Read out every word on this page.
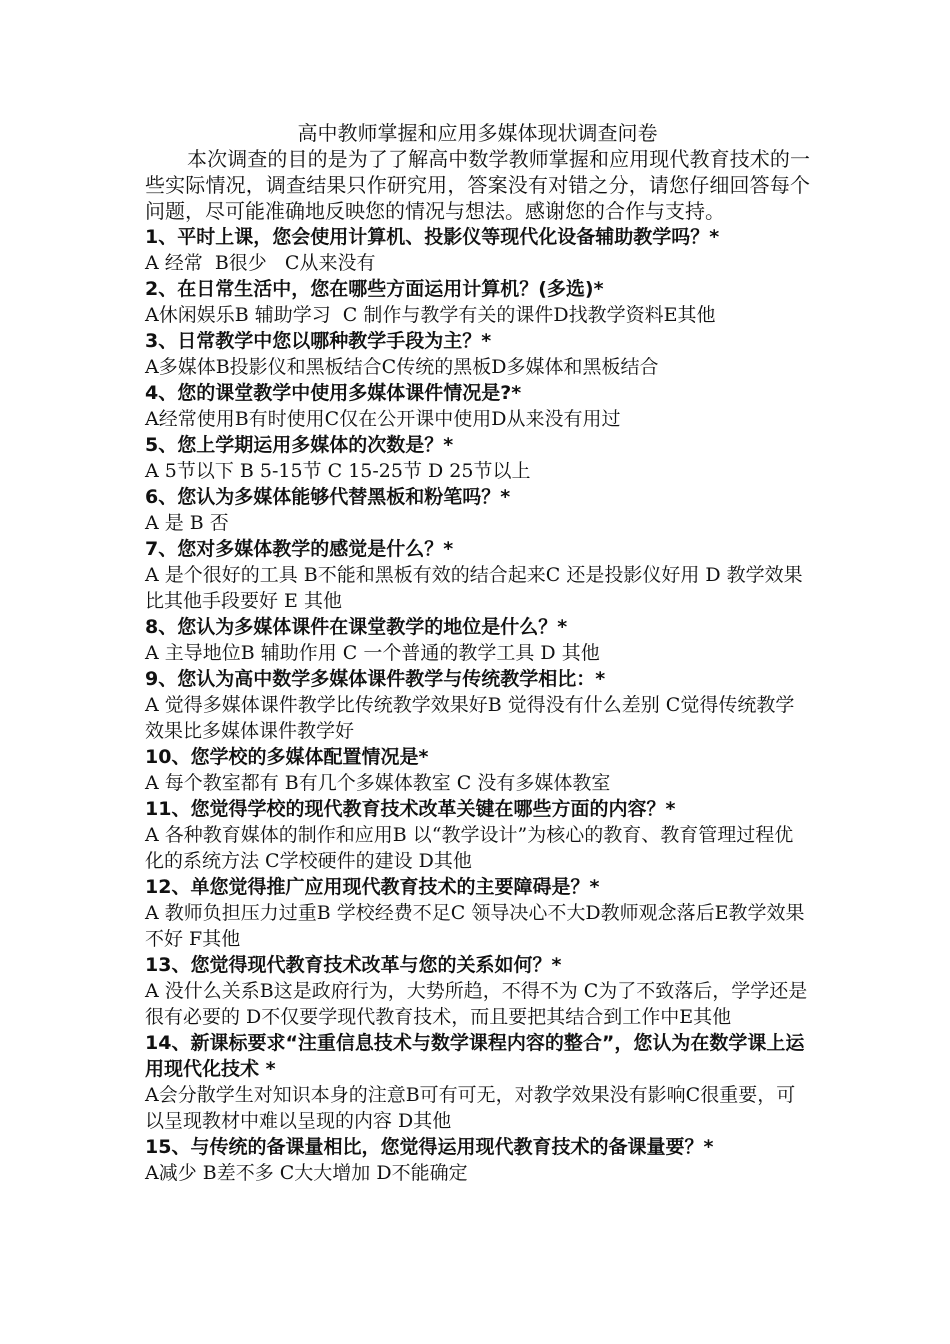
高中教师掌握和应用多媒体现状调查问卷

本次调查的目的是为了了解高中数学教师掌握和应用现代教育技术的一些实际情况，调查结果只作研究用，答案没有对错之分，请您仔细回答每个问题，尽可能准确地反映您的情况与想法。感谢您的合作与支持。

1、平时上课，您会使用计算机、投影仪等现代化设备辅助教学吗？*

A 经常  B很少   C从来没有

2、在日常生活中，您在哪些方面运用计算机？(多选)*

A休闲娱乐B 辅助学习  C 制作与教学有关的课件D找教学资料E其他

3、日常教学中您以哪种教学手段为主？*

A多媒体B投影仪和黑板结合C传统的黑板D多媒体和黑板结合

4、您的课堂教学中使用多媒体课件情况是?*

A经常使用B有时使用C仅在公开课中使用D从来没有用过

5、您上学期运用多媒体的次数是？*

A 5节以下 B 5-15节 C 15-25节 D 25节以上

6、您认为多媒体能够代替黑板和粉笔吗？*

A 是 B 否

7、您对多媒体教学的感觉是什么？*

A 是个很好的工具 B不能和黑板有效的结合起来C 还是投影仪好用 D 教学效果比其他手段要好 E 其他

8、您认为多媒体课件在课堂教学的地位是什么？*

A 主导地位B 辅助作用 C 一个普通的教学工具 D 其他

9、您认为高中数学多媒体课件教学与传统教学相比：*

A 觉得多媒体课件教学比传统教学效果好B 觉得没有什么差别 C觉得传统教学效果比多媒体课件教学好

10、您学校的多媒体配置情况是*

A 每个教室都有 B有几个多媒体教室 C 没有多媒体教室

11、您觉得学校的现代教育技术改革关键在哪些方面的内容？*

A 各种教育媒体的制作和应用B 以“教学设计”为核心的教育、教育管理过程优化的系统方法 C学校硬件的建设 D其他

12、单您觉得推广应用现代教育技术的主要障碍是？*

A 教师负担压力过重B 学校经费不足C 领导决心不大D教师观念落后E教学效果不好 F其他

13、您觉得现代教育技术改革与您的关系如何？*

A 没什么关系B这是政府行为，大势所趋，不得不为 C为了不致落后，学学还是很有必要的 D不仅要学现代教育技术，而且要把其结合到工作中E其他

14、新课标要求“注重信息技术与数学课程内容的整合”，您认为在数学课上运用现代化技术 *

A会分散学生对知识本身的注意B可有可无，对教学效果没有影响C很重要，可以呈现教材中难以呈现的内容 D其他

15、与传统的备课量相比，您觉得运用现代教育技术的备课量要？*

A减少 B差不多 C大大增加 D不能确定
